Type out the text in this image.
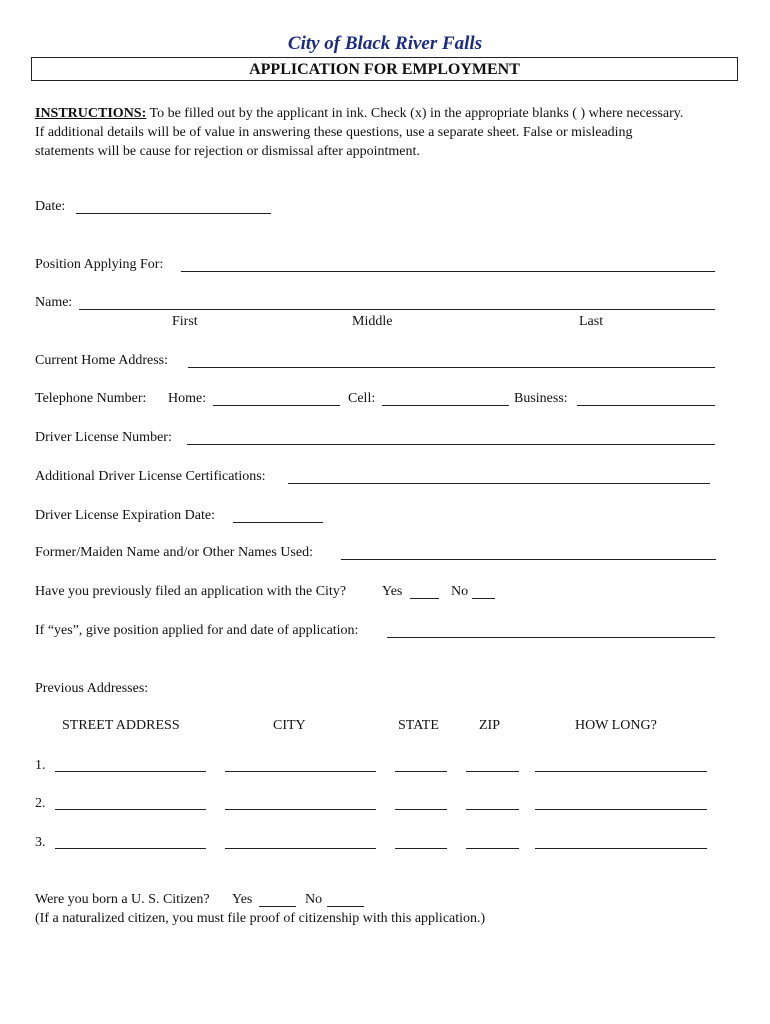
City of Black River Falls
APPLICATION FOR EMPLOYMENT
INSTRUCTIONS: To be filled out by the applicant in ink. Check (x) in the appropriate blanks ( ) where necessary. If additional details will be of value in answering these questions, use a separate sheet. False or misleading statements will be cause for rejection or dismissal after appointment.
Date:
Position Applying For:
Name:
First	Middle	Last
Current Home Address:
Telephone Number: Home:	Cell:	Business:
Driver License Number:
Additional Driver License Certifications:
Driver License Expiration Date:
Former/Maiden Name and/or Other Names Used:
Have you previously filed an application with the City?	Yes	No
If “yes”, give position applied for and date of application:
Previous Addresses:
STREET ADDRESS	CITY	STATE	ZIP	HOW LONG?
1.
2.
3.
Were you born a U. S. Citizen? Yes	No
(If a naturalized citizen, you must file proof of citizenship with this application.)
